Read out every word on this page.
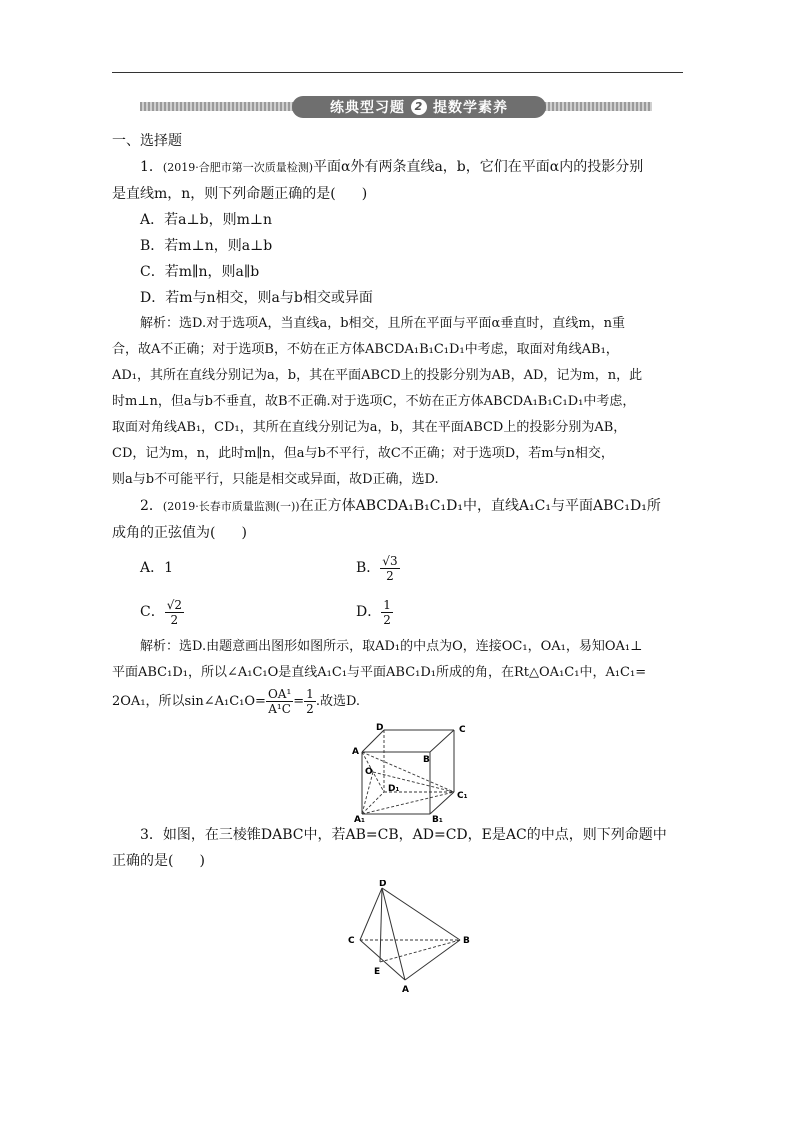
练典型习题 2 提数学素养

一、选择题

1．(2019·合肥市第一次质量检测)平面α外有两条直线a，b，它们在平面α内的投影分别

是直线m，n，则下列命题正确的是( )

A．若a⊥b，则m⊥n

B．若m⊥n，则a⊥b

C．若m∥n，则a∥b

D．若m与n相交，则a与b相交或异面

解析：选D.对于选项A，当直线a，b相交，且所在平面与平面α垂直时，直线m，n重

合，故A不正确；对于选项B，不妨在正方体ABCDA₁B₁C₁D₁中考虑，取面对角线AB₁，

AD₁，其所在直线分别记为a，b，其在平面ABCD上的投影分别为AB，AD，记为m，n，此

时m⊥n，但a与b不垂直，故B不正确.对于选项C，不妨在正方体ABCDA₁B₁C₁D₁中考虑，

取面对角线AB₁，CD₁，其所在直线分别记为a，b，其在平面ABCD上的投影分别为AB，

CD，记为m，n，此时m∥n，但a与b不平行，故C不正确；对于选项D，若m与n相交，

则a与b不可能平行，只能是相交或异面，故D正确，选D.

2．(2019·长春市质量监测(一))在正方体ABCDA₁B₁C₁D₁中，直线A₁C₁与平面ABC₁D₁所

成角的正弦值为( )

A．1	B． $\frac{√3}{2}$
C． $\frac{√2}{2}$	D． $\frac{1}{2}$

解析：选D.由题意画出图形如图所示，取AD₁的中点为O，连接OC₁，OA₁，易知OA₁⊥

平面ABC₁D₁，所以∠A₁C₁O是直线A₁C₁与平面ABC₁D₁所成的角，在Rt△OA₁C₁中，A₁C₁=

2OA₁，所以sin∠A₁C₁O= $\frac{\text{OA¹}}{\text{A¹C}} = \frac{1}{2}$ .故选D.

D	C
A
B
O
D₁
C₁
A₁	B₁

3．如图，在三棱锥DABC中，若AB=CB，AD=CD，E是AC的中点，则下列命题中

正确的是( )

D
C	B
E
A
